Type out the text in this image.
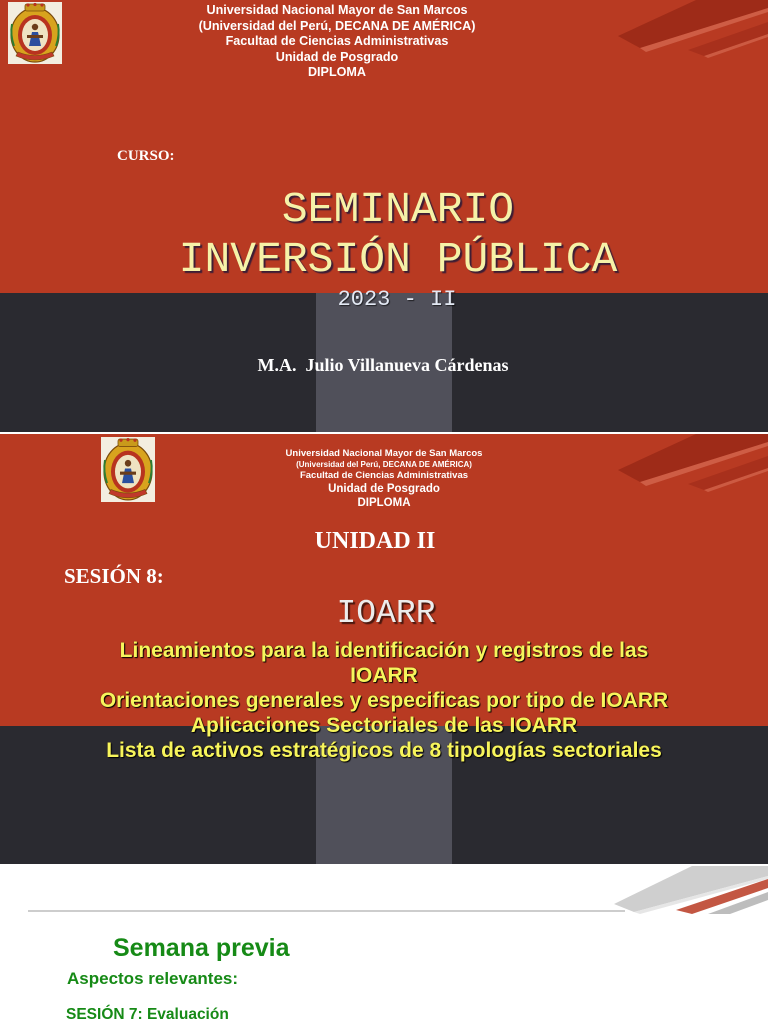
Universidad Nacional Mayor de San Marcos
(Universidad del Perú, DECANA DE AMÉRICA)
Facultad de Ciencias Administrativas
Unidad de Posgrado
DIPLOMA
CURSO:
SEMINARIO
INVERSIÓN PÚBLICA
2023 - II
M.A.  Julio Villanueva Cárdenas
Universidad Nacional Mayor de San Marcos
(Universidad del Perú, DECANA DE AMÉRICA)
Facultad de Ciencias Administrativas
Unidad de Posgrado
DIPLOMA
UNIDAD II
SESIÓN 8:
IOARR
Lineamientos para la identificación y registros de las IOARR
Orientaciones generales y especificas por tipo de IOARR
Aplicaciones Sectoriales de las IOARR
Lista de activos estratégicos de 8 tipologías sectoriales
Semana previa
Aspectos relevantes:
SESIÓN 7: Evaluación
